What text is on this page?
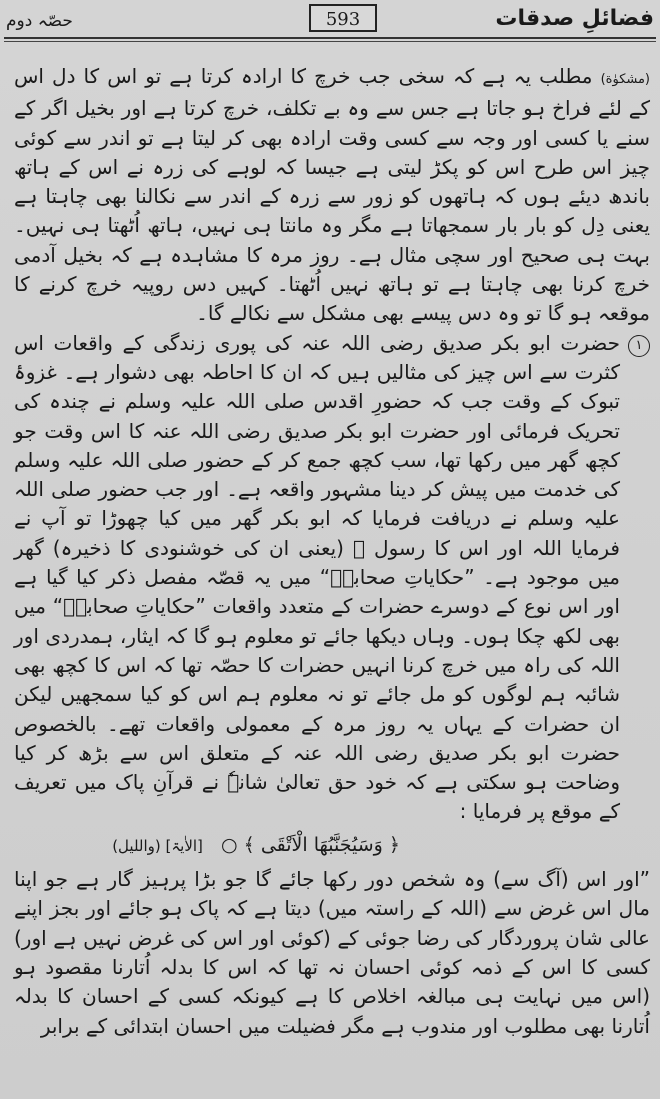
فضائلِ صدقات
593
حصّہ دوم

(مشکوٰة) مطلب یہ ہے کہ سخی جب خرچ کا ارادہ کرتا ہے تو اس کا دل اس کے لئے فراخ ہو جاتا ہے جس سے وہ بے تکلف، خرچ کرتا ہے اور بخیل اگر کے سنے یا کسی اور وجہ سے کسی وقت ارادہ بھی کر لیتا ہے تو اندر سے کوئی چیز اس طرح اس کو پکڑ لیتی ہے جیسا کہ لوہے کی زرہ نے اس کے ہاتھ باندھ دیئے ہوں کہ ہاتھوں کو زور سے زرہ کے اندر سے نکالنا بھی چاہتا ہے یعنی دِل کو بار بار سمجھاتا ہے مگر وہ مانتا ہی نہیں، ہاتھ اُٹھتا ہی نہیں۔ بہت ہی صحیح اور سچی مثال ہے۔ روز مرہ کا مشاہدہ ہے کہ بخیل آدمی خرچ کرنا بھی چاہتا ہے تو ہاتھ نہیں اُٹھتا۔ کہیں دس روپیہ خرچ کرنے کا موقعہ ہو گا تو وہ دس پیسے بھی مشکل سے نکالے گا۔

١

حضرت ابو بکر صدیق رضی اللہ عنہ کی پوری زندگی کے واقعات اس کثرت سے اس چیز کی مثالیں ہیں کہ ان کا احاطہ بھی دشوار ہے۔ غزوۂ تبوک کے وقت جب کہ حضورِ اقدس صلی اللہ علیہ وسلم نے چندہ کی تحریک فرمائی اور حضرت ابو بکر صدیق رضی اللہ عنہ کا اس وقت جو کچھ گھر میں رکھا تھا، سب کچھ جمع کر کے حضور صلی اللہ علیہ وسلم کی خدمت میں پیش کر دینا مشہور واقعہ ہے۔ اور جب حضور صلی اللہ علیہ وسلم نے دریافت فرمایا کہ ابو بکر گھر میں کیا چھوڑا تو آپ نے فرمایا اللہ اور اس کا رسول ﷺ (یعنی ان کی خوشنودی کا ذخیرہ) گھر میں موجود ہے۔ ”حکایاتِ صحابہؓ“ میں یہ قصّہ مفصل ذکر کیا گیا ہے اور اس نوع کے دوسرے حضرات کے متعدد واقعات ”حکایاتِ صحابہؓ“ میں بھی لکھ چکا ہوں۔ وہاں دیکھا جائے تو معلوم ہو گا کہ ایثار، ہمدردی اور اللہ کی راہ میں خرچ کرنا انہیں حضرات کا حصّہ تھا کہ اس کا کچھ بھی شائبہ ہم لوگوں کو مل جائے تو نہ معلوم ہم اس کو کیا سمجھیں لیکن ان حضرات کے یہاں یہ روز مرہ کے معمولی واقعات تھے۔ بالخصوص حضرت ابو بکر صدیق رضی اللہ عنہ کے متعلق اس سے بڑھ کر کیا وضاحت ہو سکتی ہے کہ خود حق تعالیٰ شانہٗ نے قرآنِ پاک میں تعریف کے موقع پر فرمایا :

﴿ وَسَيُجَنَّبُهَا الْاَتْقَى ﴾ ○   [الاٰیۃ] (واللیل)

”اور اس (آگ سے) وہ شخص دور رکھا جائے گا جو بڑا پرہیز گار ہے جو اپنا مال اس غرض سے (اللہ کے راستہ میں) دیتا ہے کہ پاک ہو جائے اور بجز اپنے عالی شان پروردگار کی رضا جوئی کے (کوئی اور اس کی غرض نہیں ہے اور) کسی کا اس کے ذمہ کوئی احسان نہ تھا کہ اس کا بدلہ اُتارنا مقصود ہو (اس میں نہایت ہی مبالغہ اخلاص کا ہے کیونکہ کسی کے احسان کا بدلہ اُتارنا بھی مطلوب اور مندوب ہے مگر فضیلت میں احسان ابتدائی کے برابر
